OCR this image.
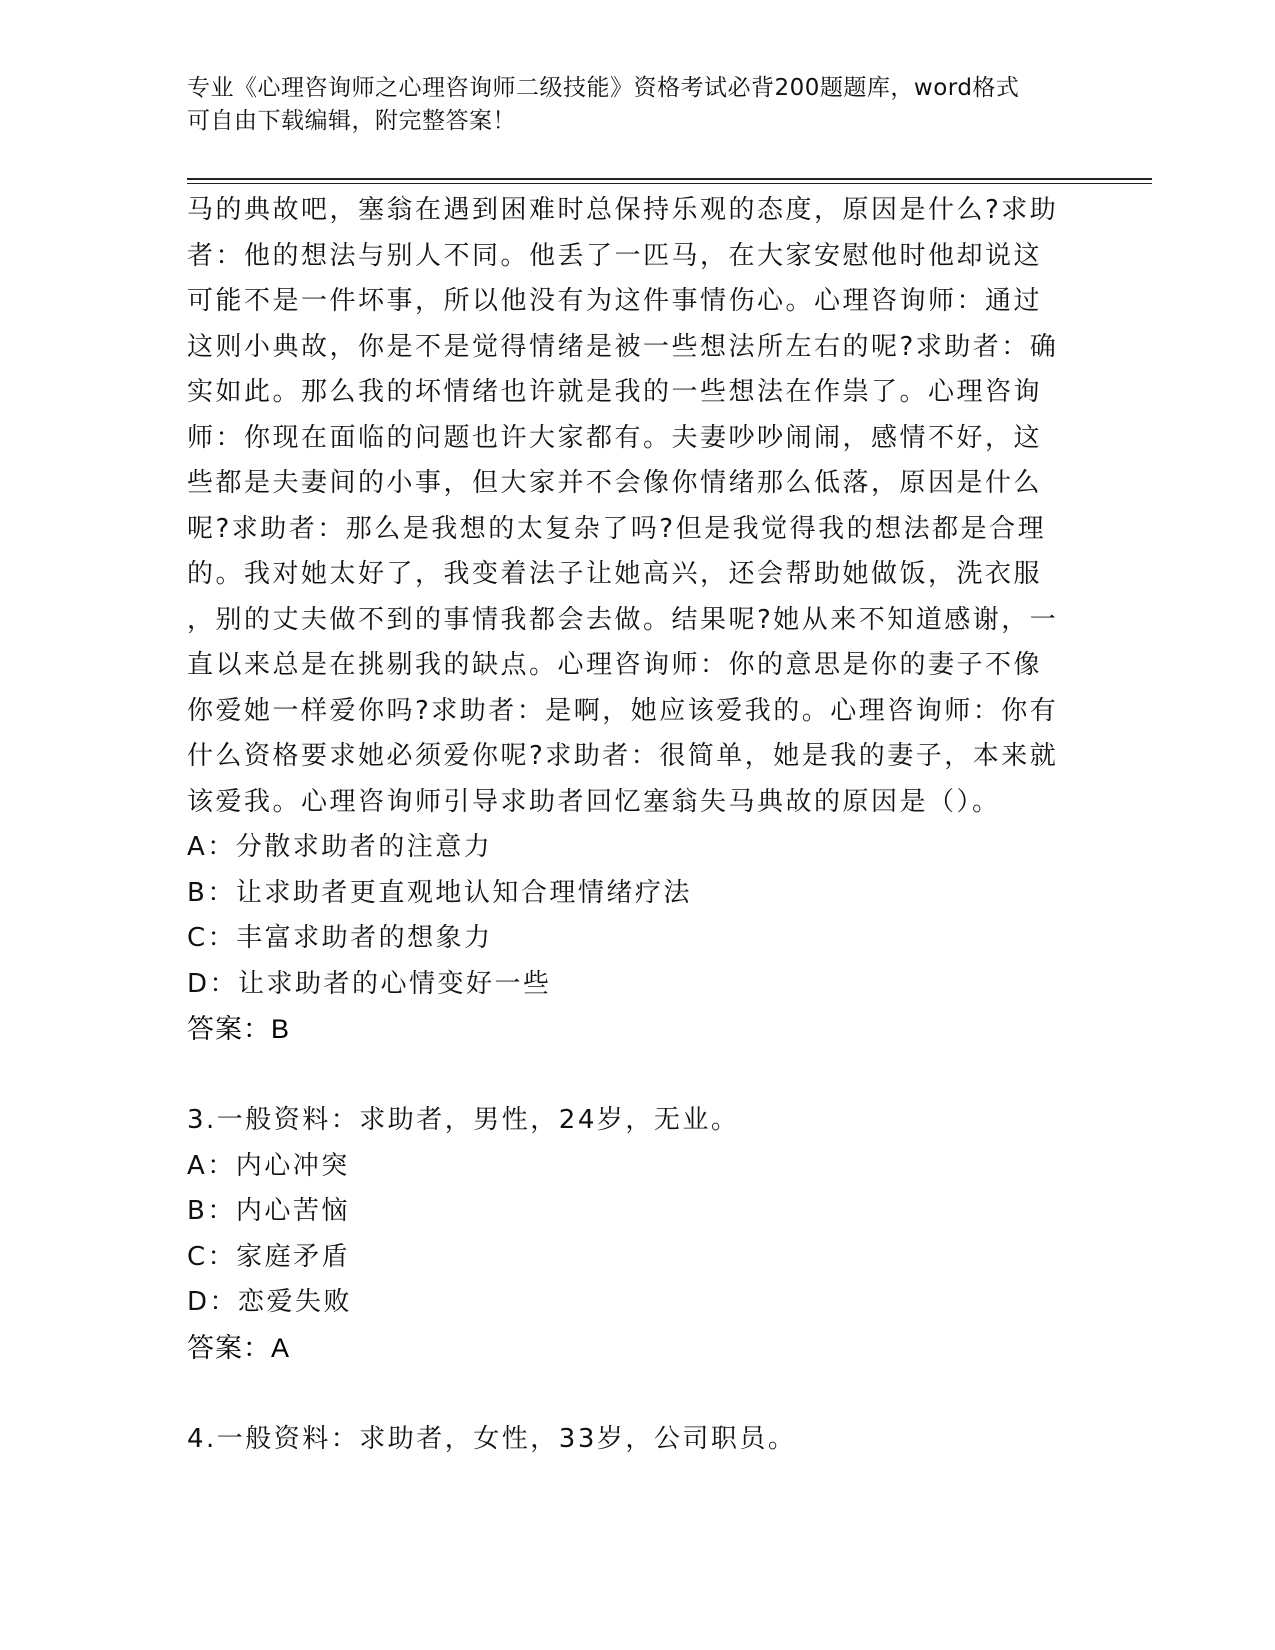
专业《心理咨询师之心理咨询师二级技能》资格考试必背200题题库，word格式
可自由下载编辑，附完整答案！
马的典故吧，塞翁在遇到困难时总保持乐观的态度，原因是什么?求助
者：他的想法与别人不同。他丢了一匹马，在大家安慰他时他却说这
可能不是一件坏事，所以他没有为这件事情伤心。心理咨询师：通过
这则小典故，你是不是觉得情绪是被一些想法所左右的呢?求助者：确
实如此。那么我的坏情绪也许就是我的一些想法在作祟了。心理咨询
师：你现在面临的问题也许大家都有。夫妻吵吵闹闹，感情不好，这
些都是夫妻间的小事，但大家并不会像你情绪那么低落，原因是什么
呢?求助者：那么是我想的太复杂了吗?但是我觉得我的想法都是合理
的。我对她太好了，我变着法子让她高兴，还会帮助她做饭，洗衣服
，别的丈夫做不到的事情我都会去做。结果呢?她从来不知道感谢，一
直以来总是在挑剔我的缺点。心理咨询师：你的意思是你的妻子不像
你爱她一样爱你吗?求助者：是啊，她应该爱我的。心理咨询师：你有
什么资格要求她必须爱你呢?求助者：很简单，她是我的妻子，本来就
该爱我。心理咨询师引导求助者回忆塞翁失马典故的原因是（）。
A：分散求助者的注意力
B：让求助者更直观地认知合理情绪疗法
C：丰富求助者的想象力
D：让求助者的心情变好一些
答案：B
3.一般资料：求助者，男性，24岁，无业。
A：内心冲突
B：内心苦恼
C：家庭矛盾
D：恋爱失败
答案：A
4.一般资料：求助者，女性，33岁，公司职员。
